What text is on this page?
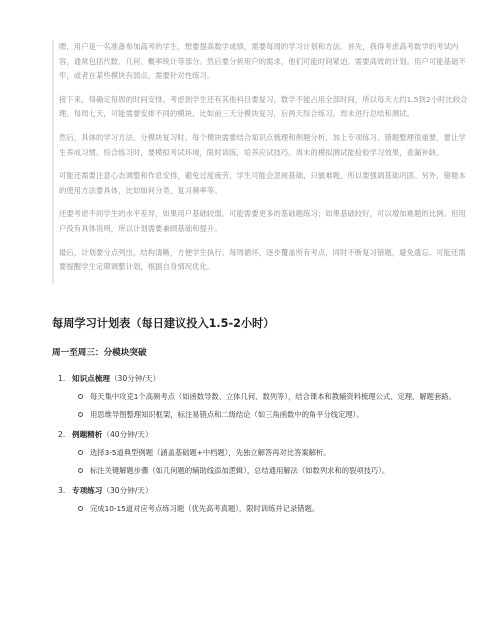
嗯，用户是一名准备参加高考的学生，想要提高数学成绩，需要每周的学习计划和方法。首先，我得考虑高考数学的考试内容，通常包括代数、几何、概率统计等部分。然后要分析用户的需求，他们可能时间紧迫，需要高效的计划。用户可能基础不牢，或者在某些模块有弱点，需要针对性练习。

接下来，得确定每周的时间安排。考虑到学生还有其他科目要复习，数学不能占用全部时间，所以每天大约1.5到2小时比较合理。每周七天，可能需要安排不同的模块，比如前三天分模块复习，后两天综合练习，周末进行总结和测试。

然后，具体的学习方法。分模块复习时，每个模块需要结合知识点梳理和例题分析，加上专项练习。错题整理很重要，要让学生养成习惯。综合练习时，要模拟考试环境，限时训练，培养应试技巧。周末的模拟测试能检验学习效果，查漏补缺。

可能还需要注意心态调整和作息安排，避免过度疲劳。学生可能会忽视基础，只做难题，所以要强调基础巩固。另外，错题本的使用方法要具体，比如如何分类、复习频率等。

还要考虑不同学生的水平差异，如果用户基础较弱，可能需要更多的基础题练习；如果基础较好，可以增加难题的比例。但用户没有具体说明，所以计划需要兼顾基础和提升。

最后，计划要分点列出，结构清晰，方便学生执行。每周循环，逐步覆盖所有考点，同时不断复习错题，避免遗忘。可能还需要提醒学生定期调整计划，根据自身情况优化。

每周学习计划表（每日建议投入1.5-2小时）
周一至周三：分模块突破
1. 知识点梳理（30分钟/天）
每天集中攻克1个高频考点（如函数导数、立体几何、数列等），结合课本和教辅资料梳理公式、定理、解题套路。
用思维导图整理知识框架，标注易错点和二级结论（如三角函数中的角平分线定理）。
2. 例题精析（40分钟/天）
选择3-5道典型例题（涵盖基础题+中档题），先独立解答再对比答案解析。
标注关键解题步骤（如几何题的辅助线添加逻辑），总结通用解法（如数列求和的裂项技巧）。
3. 专项练习（30分钟/天）
完成10-15道对应考点练习题（优先高考真题），限时训练并记录错题。
